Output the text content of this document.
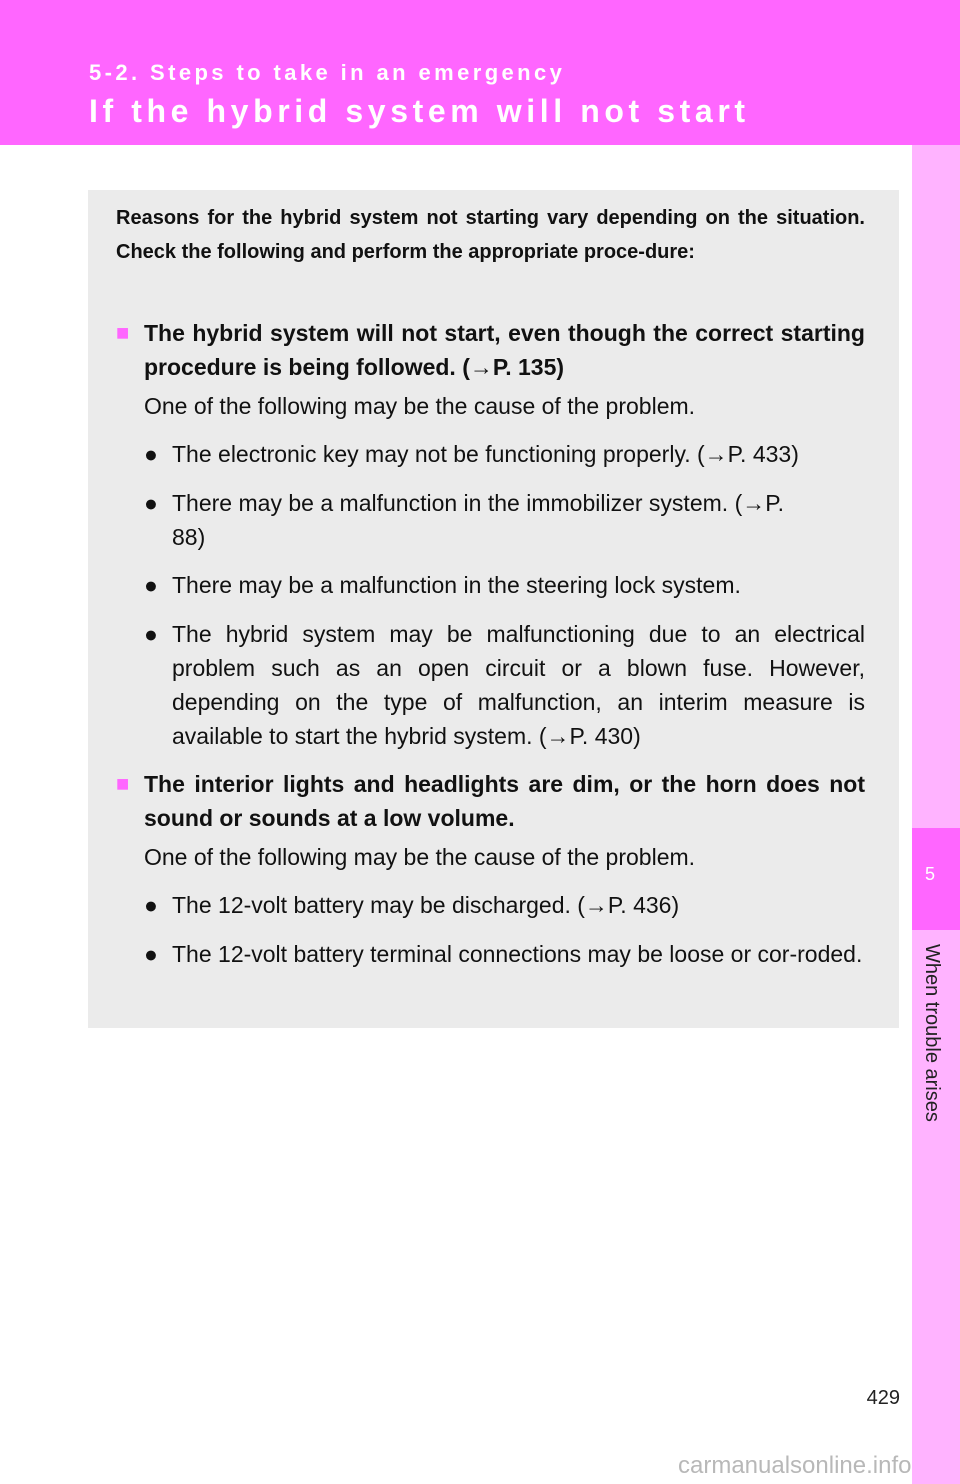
5-2. Steps to take in an emergency
If the hybrid system will not start
5
When trouble arises

Reasons for the hybrid system not starting vary depending on the situation. Check the following and perform the appropriate proce-dure:

■ The hybrid system will not start, even though the correct starting procedure is being followed. (→P. 135)
One of the following may be the cause of the problem.
● The electronic key may not be functioning properly. (→P. 433)
● There may be a malfunction in the immobilizer system. (→P. 88)
● There may be a malfunction in the steering lock system.
● The hybrid system may be malfunctioning due to an electrical problem such as an open circuit or a blown fuse. However, depending on the type of malfunction, an interim measure is available to start the hybrid system. (→P. 430)
■ The interior lights and headlights are dim, or the horn does not sound or sounds at a low volume.
One of the following may be the cause of the problem.
● The 12-volt battery may be discharged. (→P. 436)
● The 12-volt battery terminal connections may be loose or cor-roded.
429
carmanualsonline.info
